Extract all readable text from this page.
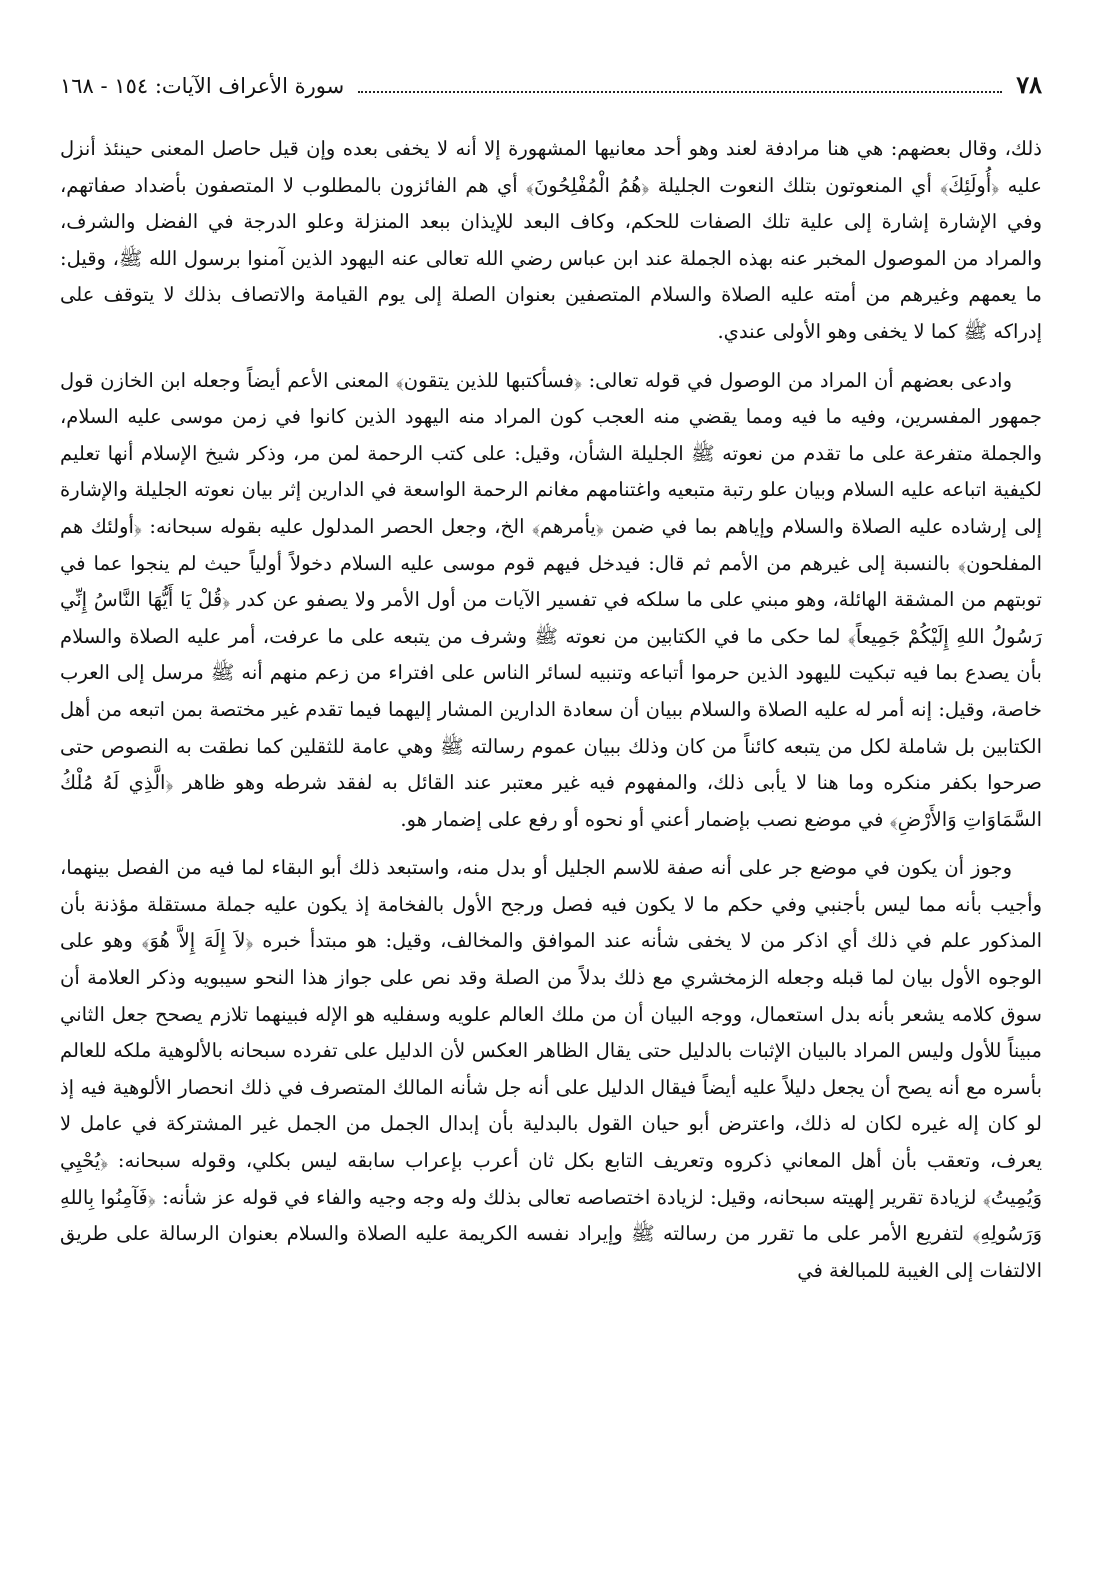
٧٨
سورة الأعراف الآيات: ١٥٤ - ١٦٨

ذلك، وقال بعضهم: هي هنا مرادفة لعند وهو أحد معانيها المشهورة إلا أنه لا يخفى بعده وإن قيل حاصل المعنى حينئذ أنزل عليه ﴿أُولَئِكَ﴾ أي المنعوتون بتلك النعوت الجليلة ﴿هُمُ الْمُفْلِحُونَ﴾ أي هم الفائزون بالمطلوب لا المتصفون بأضداد صفاتهم، وفي الإشارة إشارة إلى علية تلك الصفات للحكم، وكاف البعد للإيذان ببعد المنزلة وعلو الدرجة في الفضل والشرف، والمراد من الموصول المخبر عنه بهذه الجملة عند ابن عباس رضي الله تعالى عنه اليهود الذين آمنوا برسول الله ﷺ، وقيل: ما يعمهم وغيرهم من أمته عليه الصلاة والسلام المتصفين بعنوان الصلة إلى يوم القيامة والاتصاف بذلك لا يتوقف على إدراكه ﷺ كما لا يخفى وهو الأولى عندي.

وادعى بعضهم أن المراد من الوصول في قوله تعالى: ﴿فسأكتبها للذين يتقون﴾ المعنى الأعم أيضاً وجعله ابن الخازن قول جمهور المفسرين، وفيه ما فيه ومما يقضي منه العجب كون المراد منه اليهود الذين كانوا في زمن موسى عليه السلام، والجملة متفرعة على ما تقدم من نعوته ﷺ الجليلة الشأن، وقيل: على كتب الرحمة لمن مر، وذكر شيخ الإسلام أنها تعليم لكيفية اتباعه عليه السلام وبيان علو رتبة متبعيه واغتنامهم مغانم الرحمة الواسعة في الدارين إثر بيان نعوته الجليلة والإشارة إلى إرشاده عليه الصلاة والسلام وإياهم بما في ضمن ﴿يأمرهم﴾ الخ، وجعل الحصر المدلول عليه بقوله سبحانه: ﴿أولئك هم المفلحون﴾ بالنسبة إلى غيرهم من الأمم ثم قال: فيدخل فيهم قوم موسى عليه السلام دخولاً أولياً حيث لم ينجوا عما في توبتهم من المشقة الهائلة، وهو مبني على ما سلكه في تفسير الآيات من أول الأمر ولا يصفو عن كدر ﴿قُلْ يَا أَيُّهَا النَّاسُ إِنِّي رَسُولُ اللهِ إِلَيْكُمْ جَمِيعاً﴾ لما حكى ما في الكتابين من نعوته ﷺ وشرف من يتبعه على ما عرفت، أمر عليه الصلاة والسلام بأن يصدع بما فيه تبكيت لليهود الذين حرموا أتباعه وتنبيه لسائر الناس على افتراء من زعم منهم أنه ﷺ مرسل إلى العرب خاصة، وقيل: إنه أمر له عليه الصلاة والسلام ببيان أن سعادة الدارين المشار إليهما فيما تقدم غير مختصة بمن اتبعه من أهل الكتابين بل شاملة لكل من يتبعه كائناً من كان وذلك ببيان عموم رسالته ﷺ وهي عامة للثقلين كما نطقت به النصوص حتى صرحوا بكفر منكره وما هنا لا يأبى ذلك، والمفهوم فيه غير معتبر عند القائل به لفقد شرطه وهو ظاهر ﴿الَّذِي لَهُ مُلْكُ السَّمَاوَاتِ وَالأَرْضِ﴾ في موضع نصب بإضمار أعني أو نحوه أو رفع على إضمار هو.

وجوز أن يكون في موضع جر على أنه صفة للاسم الجليل أو بدل منه، واستبعد ذلك أبو البقاء لما فيه من الفصل بينهما، وأجيب بأنه مما ليس بأجنبي وفي حكم ما لا يكون فيه فصل ورجح الأول بالفخامة إذ يكون عليه جملة مستقلة مؤذنة بأن المذكور علم في ذلك أي اذكر من لا يخفى شأنه عند الموافق والمخالف، وقيل: هو مبتدأ خبره ﴿لاَ إِلَهَ إِلاَّ هُوَ﴾ وهو على الوجوه الأول بيان لما قبله وجعله الزمخشري مع ذلك بدلاً من الصلة وقد نص على جواز هذا النحو سيبويه وذكر العلامة أن سوق كلامه يشعر بأنه بدل استعمال، ووجه البيان أن من ملك العالم علويه وسفليه هو الإله فبينهما تلازم يصحح جعل الثاني مبيناً للأول وليس المراد بالبيان الإثبات بالدليل حتى يقال الظاهر العكس لأن الدليل على تفرده سبحانه بالألوهية ملكه للعالم بأسره مع أنه يصح أن يجعل دليلاً عليه أيضاً فيقال الدليل على أنه جل شأنه المالك المتصرف في ذلك انحصار الألوهية فيه إذ لو كان إله غيره لكان له ذلك، واعترض أبو حيان القول بالبدلية بأن إبدال الجمل من الجمل غير المشتركة في عامل لا يعرف، وتعقب بأن أهل المعاني ذكروه وتعريف التابع بكل ثان أعرب بإعراب سابقه ليس بكلي، وقوله سبحانه: ﴿يُحْيِي وَيُمِيتُ﴾ لزيادة تقرير إلهيته سبحانه، وقيل: لزيادة اختصاصه تعالى بذلك وله وجه وجيه والفاء في قوله عز شأنه: ﴿فَآمِنُوا بِاللهِ وَرَسُولِهِ﴾ لتفريع الأمر على ما تقرر من رسالته ﷺ وإيراد نفسه الكريمة عليه الصلاة والسلام بعنوان الرسالة على طريق الالتفات إلى الغيبة للمبالغة في
